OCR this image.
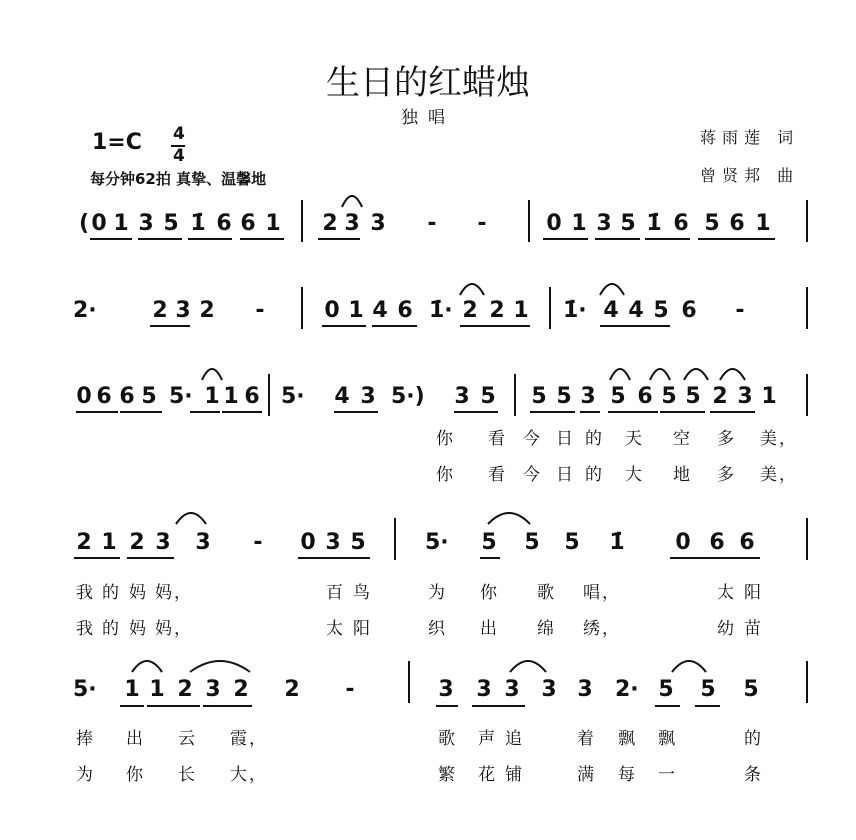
生日的红蜡烛
独唱
1=C 4
4
每分钟62拍 真挚、温馨地
蒋雨莲 词
曾贤邦 曲
( 0 1 3 5 1̇ 6 6 1 2 3 3 - -	0 1 3 5 1̇ 6 5 6 1
2·	2 3 2 -	0 1 4 6 1̇· 2 2 1 1̇· 4 4 5 6 -
0 6 6 5 5· 1 1 6 5· 4 3 5·) 3 5 5 5 3 5 6 5 5 2 3 1
你
你
看
看
今
今
日
日
的
的
天
大
空
地
多
多
美，
美，
2 1 2 3 3 - 0 3 5	5· 5 5 5 1̇ 0 6 6
我
我
的
的
妈
妈
妈，
妈，
百
太
鸟
阳
为
织
你
出
歌
绵
唱，
绣，
太
幼
阳
苗
5· 1 1 2 3 2 2 -	3 3 3 3 3 2· 5 5 5
捧
为
出
你
云
长
霞，
大，
歌
繁
声
花
追
铺
着
满
飘
每
飘
一
的
条
